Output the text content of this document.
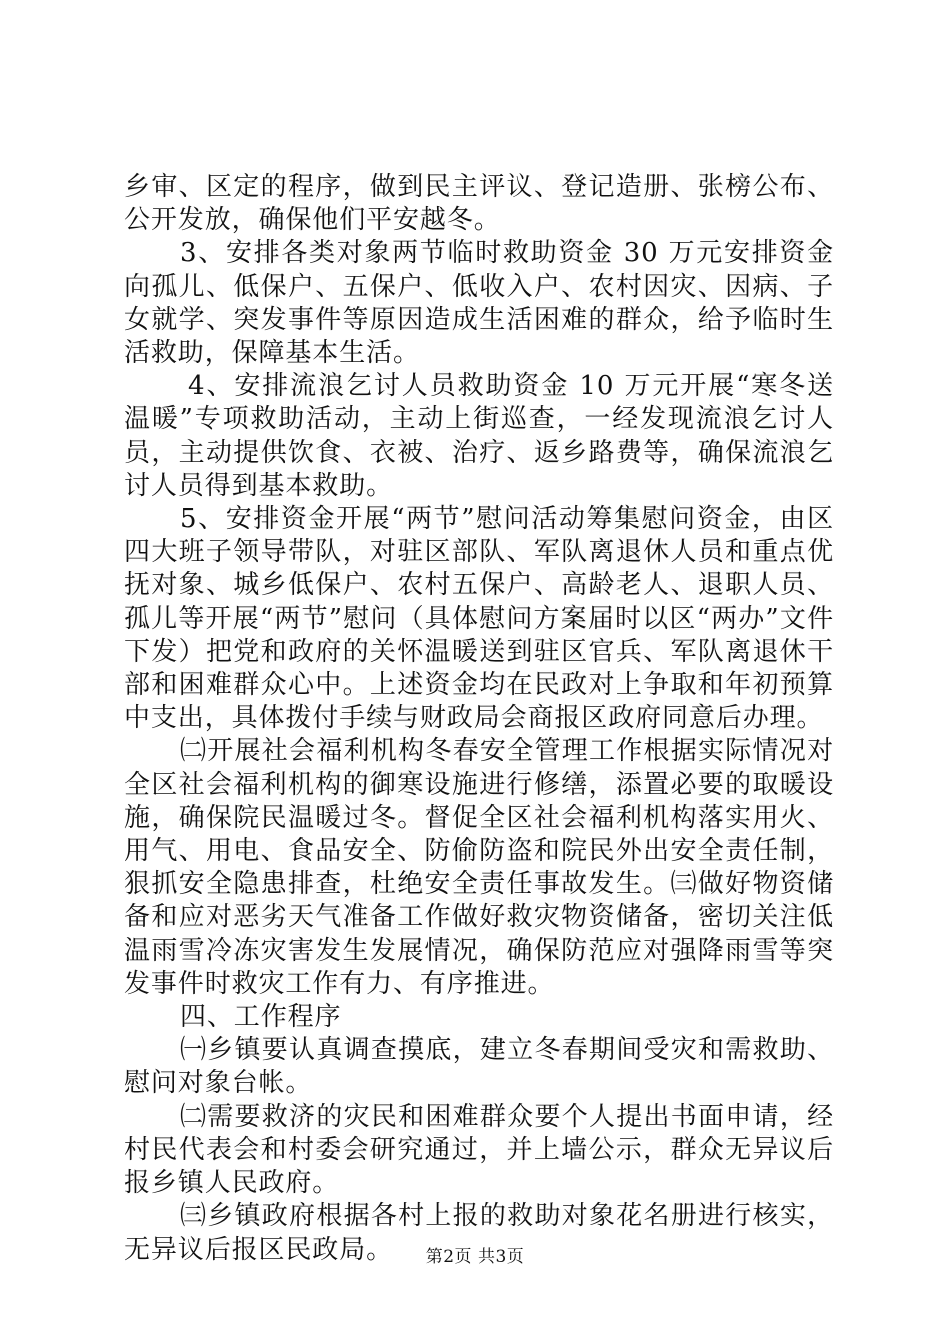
乡审、区定的程序，做到民主评议、登记造册、张榜公布、公开发放，确保他们平安越冬。

3、安排各类对象两节临时救助资金 30 万元安排资金向孤儿、低保户、五保户、低收入户、农村因灾、因病、子女就学、突发事件等原因造成生活困难的群众，给予临时生活救助，保障基本生活。

4、安排流浪乞讨人员救助资金 10 万元开展“寒冬送温暖”专项救助活动，主动上街巡查，一经发现流浪乞讨人员，主动提供饮食、衣被、治疗、返乡路费等，确保流浪乞讨人员得到基本救助。

5、安排资金开展“两节”慰问活动筹集慰问资金，由区四大班子领导带队，对驻区部队、军队离退休人员和重点优抚对象、城乡低保户、农村五保户、高龄老人、退职人员、孤儿等开展“两节”慰问（具体慰问方案届时以区“两办”文件下发）把党和政府的关怀温暖送到驻区官兵、军队离退休干部和困难群众心中。上述资金均在民政对上争取和年初预算中支出，具体拨付手续与财政局会商报区政府同意后办理。

㈡开展社会福利机构冬春安全管理工作根据实际情况对全区社会福利机构的御寒设施进行修缮，添置必要的取暖设施，确保院民温暖过冬。督促全区社会福利机构落实用火、用气、用电、食品安全、防偷防盗和院民外出安全责任制，狠抓安全隐患排查，杜绝安全责任事故发生。㈢做好物资储备和应对恶劣天气准备工作做好救灾物资储备，密切关注低温雨雪冷冻灾害发生发展情况，确保防范应对强降雨雪等突发事件时救灾工作有力、有序推进。

四、工作程序

㈠乡镇要认真调查摸底，建立冬春期间受灾和需救助、慰问对象台帐。

㈡需要救济的灾民和困难群众要个人提出书面申请，经村民代表会和村委会研究通过，并上墙公示，群众无异议后报乡镇人民政府。

㈢乡镇政府根据各村上报的救助对象花名册进行核实，无异议后报区民政局。	第2页 共3页
